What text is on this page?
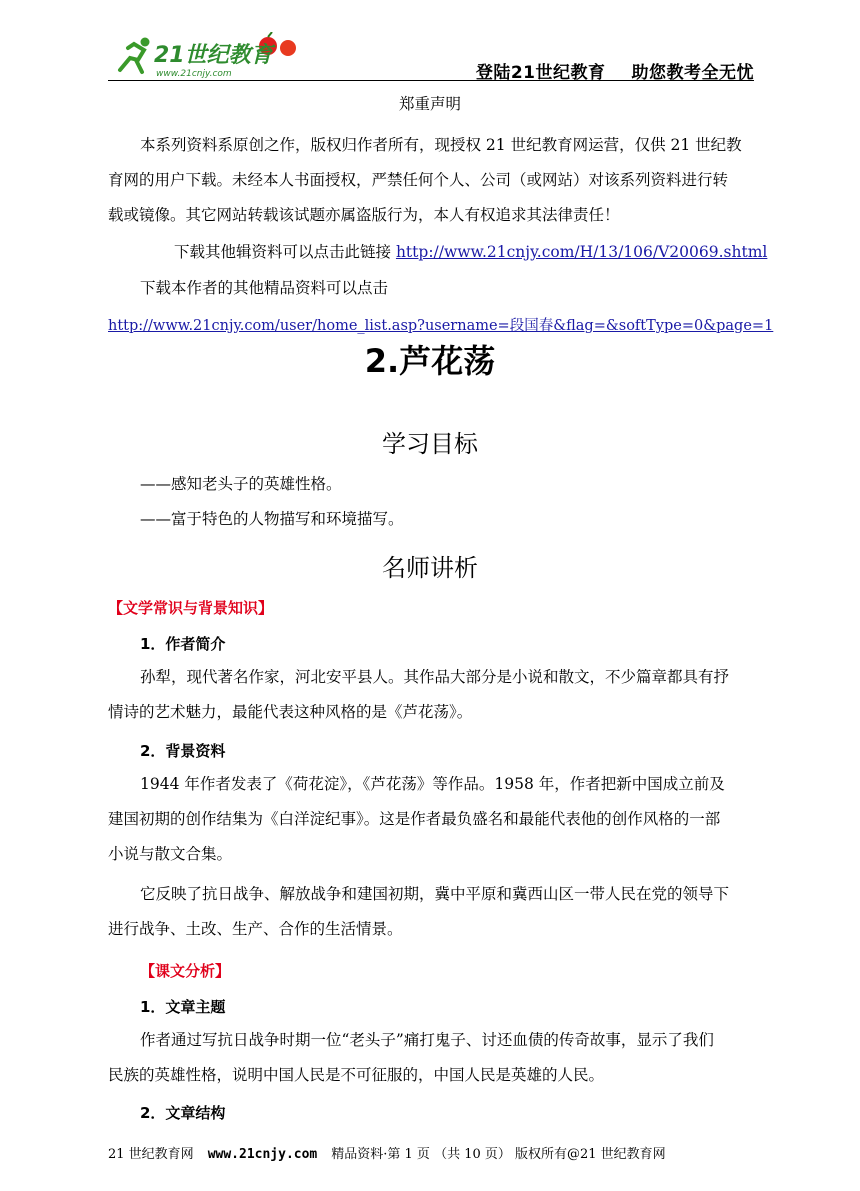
21世纪教育
www.21cnjy.com	登陆21世纪教育 助您教考全无忧
郑重声明
本系列资料系原创之作，版权归作者所有，现授权 21 世纪教育网运营，仅供 21 世纪教
育网的用户下载。未经本人书面授权，严禁任何个人、公司（或网站）对该系列资料进行转
载或镜像。其它网站转载该试题亦属盗版行为，本人有权追求其法律责任！
下载其他辑资料可以点击此链接 http://www.21cnjy.com/H/13/106/V20069.shtml
下载本作者的其他精品资料可以点击
http://www.21cnjy.com/user/home_list.asp?username=段国春&flag=&softType=0&page=1
2.芦花荡
学习目标
——感知老头子的英雄性格。
——富于特色的人物描写和环境描写。
名师讲析
【文学常识与背景知识】
1．作者简介
孙犁，现代著名作家，河北安平县人。其作品大部分是小说和散文，不少篇章都具有抒
情诗的艺术魅力，最能代表这种风格的是《芦花荡》。
2．背景资料
1944 年作者发表了《荷花淀》，《芦花荡》等作品。1958 年，作者把新中国成立前及
建国初期的创作结集为《白洋淀纪事》。这是作者最负盛名和最能代表他的创作风格的一部
小说与散文合集。
它反映了抗日战争、解放战争和建国初期，冀中平原和冀西山区一带人民在党的领导下
进行战争、土改、生产、合作的生活情景。
【课文分析】
1．文章主题
作者通过写抗日战争时期一位“老头子”痛打鬼子、讨还血债的传奇故事，显示了我们
民族的英雄性格，说明中国人民是不可征服的，中国人民是英雄的人民。
2．文章结构
21 世纪教育网 www.21cnjy.com 精品资料·第 1 页 （共 10 页） 版权所有@21 世纪教育网
